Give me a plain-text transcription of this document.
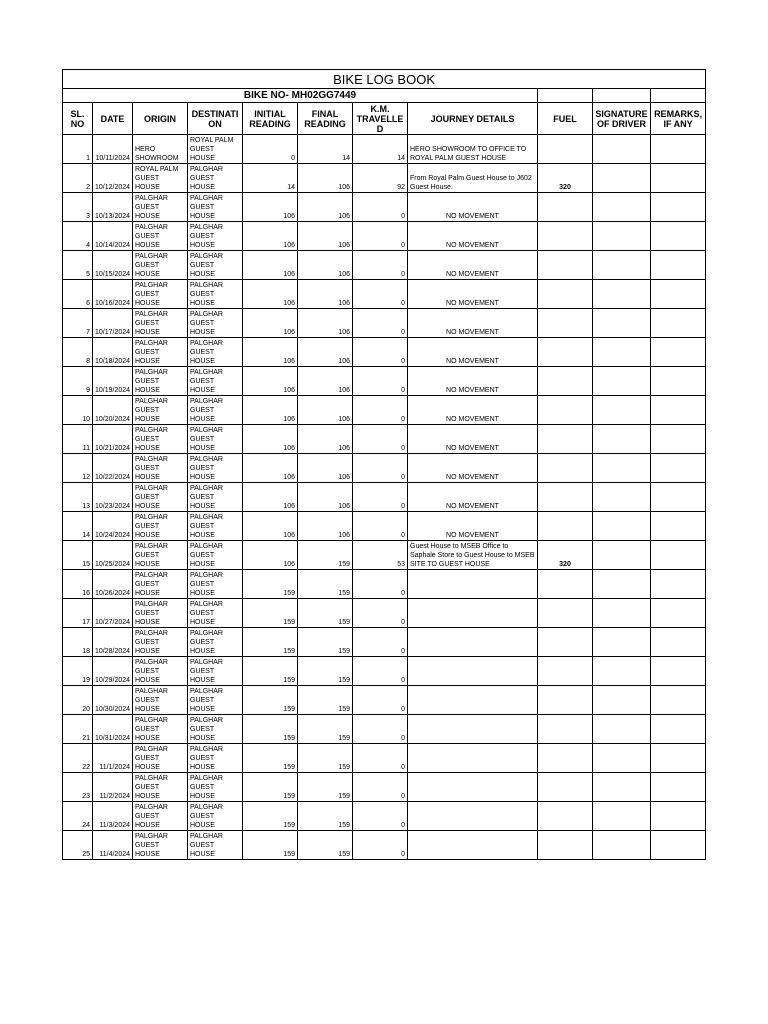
BIKE LOG BOOK										
BIKE NO- MH02GG7449										
SL. NO	DATE	ORIGIN	DESTINATI ON	INITIAL READING	FINAL READING	K.M. TRAVELLE D	JOURNEY DETAILS	FUEL	SIGNATURE OF DRIVER	REMARKS, IF ANY
1	10/11/2024	HERO
SHOWROOM	ROYAL PALM
GUEST
HOUSE	0	14	14	HERO SHOWROOM TO OFFICE TO ROYAL PALM GUEST HOUSE			
2	10/12/2024	ROYAL PALM
GUEST
HOUSE	PALGHAR
GUEST
HOUSE	14	106	92	From Royal Palm Guest House to J602 Guest House.	320		
3	10/13/2024	PALGHAR
GUEST
HOUSE	PALGHAR
GUEST
HOUSE	106	106	0	NO MOVEMENT			
4	10/14/2024	PALGHAR
GUEST
HOUSE	PALGHAR
GUEST
HOUSE	106	106	0	NO MOVEMENT			
5	10/15/2024	PALGHAR
GUEST
HOUSE	PALGHAR
GUEST
HOUSE	106	106	0	NO MOVEMENT			
6	10/16/2024	PALGHAR
GUEST
HOUSE	PALGHAR
GUEST
HOUSE	106	106	0	NO MOVEMENT			
7	10/17/2024	PALGHAR
GUEST
HOUSE	PALGHAR
GUEST
HOUSE	106	106	0	NO MOVEMENT			
8	10/18/2024	PALGHAR
GUEST
HOUSE	PALGHAR
GUEST
HOUSE	106	106	0	NO MOVEMENT			
9	10/19/2024	PALGHAR
GUEST
HOUSE	PALGHAR
GUEST
HOUSE	106	106	0	NO MOVEMENT			
10	10/20/2024	PALGHAR
GUEST
HOUSE	PALGHAR
GUEST
HOUSE	106	106	0	NO MOVEMENT			
11	10/21/2024	PALGHAR
GUEST
HOUSE	PALGHAR
GUEST
HOUSE	106	106	0	NO MOVEMENT			
12	10/22/2024	PALGHAR
GUEST
HOUSE	PALGHAR
GUEST
HOUSE	106	106	0	NO MOVEMENT			
13	10/23/2024	PALGHAR
GUEST
HOUSE	PALGHAR
GUEST
HOUSE	106	106	0	NO MOVEMENT			
14	10/24/2024	PALGHAR
GUEST
HOUSE	PALGHAR
GUEST
HOUSE	106	106	0	NO MOVEMENT			
15	10/25/2024	PALGHAR
GUEST
HOUSE	PALGHAR
GUEST
HOUSE	106	159	53	Guest House to MSEB Office to Saphale Store to Guest House to MSEB SITE TO GUEST HOUSE	320		
16	10/26/2024	PALGHAR
GUEST
HOUSE	PALGHAR
GUEST
HOUSE	159	159	0				
17	10/27/2024	PALGHAR
GUEST
HOUSE	PALGHAR
GUEST
HOUSE	159	159	0				
18	10/28/2024	PALGHAR
GUEST
HOUSE	PALGHAR
GUEST
HOUSE	159	159	0				
19	10/29/2024	PALGHAR
GUEST
HOUSE	PALGHAR
GUEST
HOUSE	159	159	0				
20	10/30/2024	PALGHAR
GUEST
HOUSE	PALGHAR
GUEST
HOUSE	159	159	0				
21	10/31/2024	PALGHAR
GUEST
HOUSE	PALGHAR
GUEST
HOUSE	159	159	0				
22	11/1/2024	PALGHAR
GUEST
HOUSE	PALGHAR
GUEST
HOUSE	159	159	0				
23	11/2/2024	PALGHAR
GUEST
HOUSE	PALGHAR
GUEST
HOUSE	159	159	0				
24	11/3/2024	PALGHAR
GUEST
HOUSE	PALGHAR
GUEST
HOUSE	159	159	0				
25	11/4/2024	PALGHAR
GUEST
HOUSE	PALGHAR
GUEST
HOUSE	159	159	0				
